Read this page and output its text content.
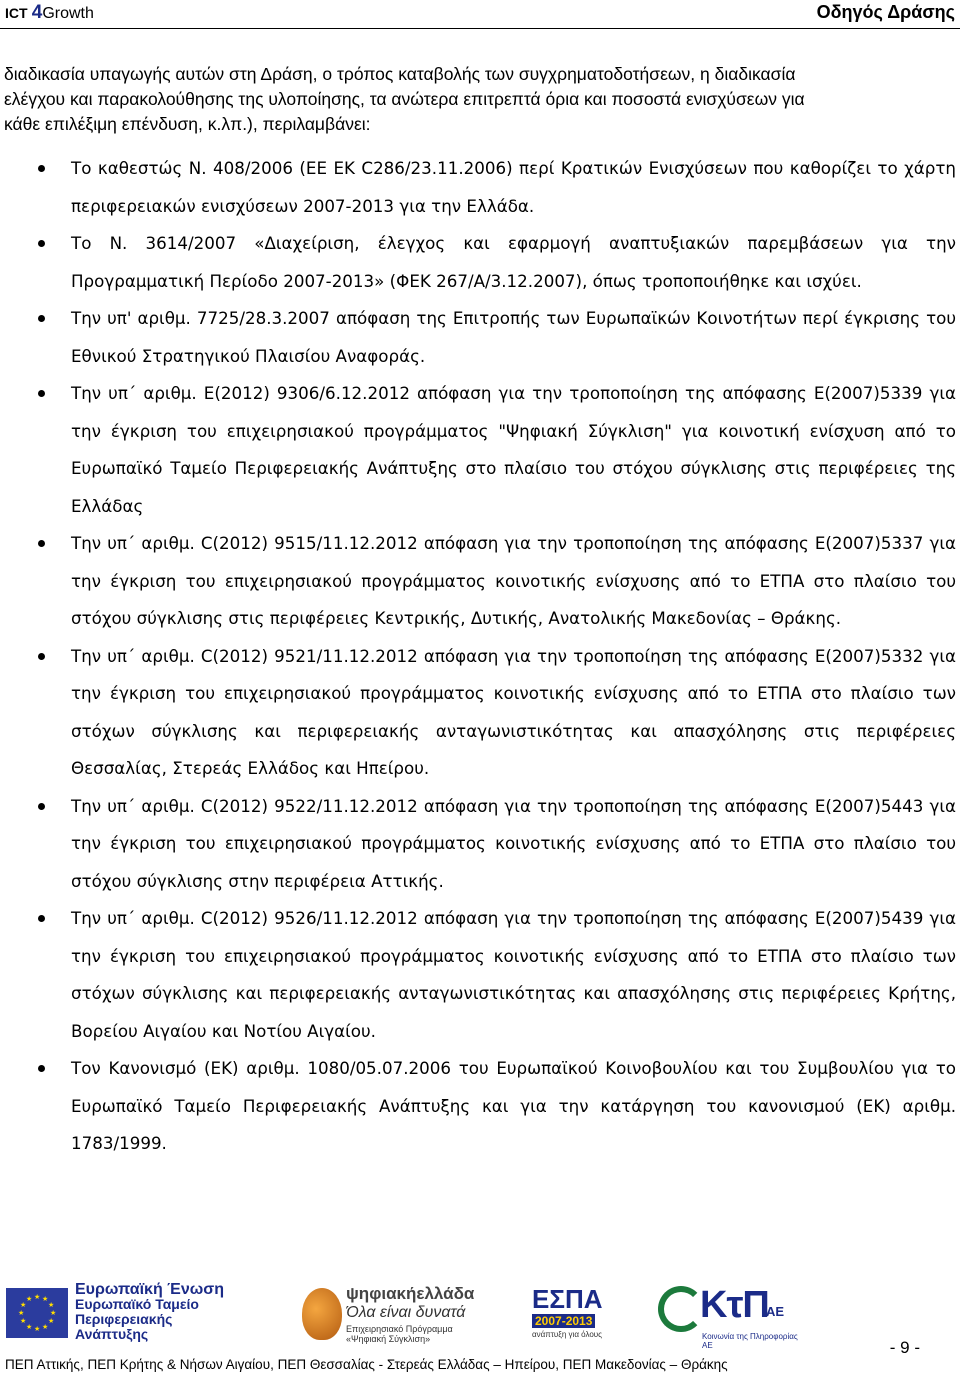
ICT 4Growth	Οδηγός Δράσης

διαδικασία υπαγωγής αυτών στη Δράση, ο τρόπος καταβολής των συγχρηματοδοτήσεων, η διαδικασία

ελέγχου και παρακολούθησης της υλοποίησης, τα ανώτερα επιτρεπτά όρια και ποσοστά ενισχύσεων για

κάθε επιλέξιμη επένδυση, κ.λπ.), περιλαμβάνει:

Το καθεστώς Ν. 408/2006 (ΕΕ ΕΚ C286/23.11.2006) περί Κρατικών Ενισχύσεων που καθορίζει το χάρτη περιφερειακών ενισχύσεων 2007-2013 για την Ελλάδα.
Το Ν. 3614/2007 «Διαχείριση, έλεγχος και εφαρμογή αναπτυξιακών παρεμβάσεων για την Προγραμματική Περίοδο 2007-2013» (ΦΕΚ 267/Α/3.12.2007), όπως τροποποιήθηκε και ισχύει.
Την υπ' αριθμ. 7725/28.3.2007 απόφαση της Επιτροπής των Ευρωπαϊκών Κοινοτήτων περί έγκρισης του Εθνικού Στρατηγικού Πλαισίου Αναφοράς.
Την υπ΄ αριθμ. Ε(2012) 9306/6.12.2012 απόφαση για την τροποποίηση της απόφασης Ε(2007)5339 για την έγκριση του επιχειρησιακού προγράμματος "Ψηφιακή Σύγκλιση" για κοινοτική ενίσχυση από το Ευρωπαϊκό Ταμείο Περιφερειακής Ανάπτυξης στο πλαίσιο του στόχου σύγκλισης στις περιφέρειες της Ελλάδας
Την υπ΄ αριθμ. C(2012) 9515/11.12.2012 απόφαση για την τροποποίηση της απόφασης Ε(2007)5337 για την έγκριση του επιχειρησιακού προγράμματος κοινοτικής ενίσχυσης από το ΕΤΠΑ στο πλαίσιο του στόχου σύγκλισης στις περιφέρειες Κεντρικής, Δυτικής, Ανατολικής Μακεδονίας – Θράκης.
Την υπ΄ αριθμ. C(2012) 9521/11.12.2012 απόφαση για την τροποποίηση της απόφασης Ε(2007)5332 για την έγκριση του επιχειρησιακού προγράμματος κοινοτικής ενίσχυσης από το ΕΤΠΑ στο πλαίσιο των στόχων σύγκλισης και περιφερειακής ανταγωνιστικότητας και απασχόλησης στις περιφέρειες Θεσσαλίας, Στερεάς Ελλάδος και Ηπείρου.
Την υπ΄ αριθμ. C(2012) 9522/11.12.2012 απόφαση για την τροποποίηση της απόφασης Ε(2007)5443 για την έγκριση του επιχειρησιακού προγράμματος κοινοτικής ενίσχυσης από το ΕΤΠΑ στο πλαίσιο του στόχου σύγκλισης στην περιφέρεια Αττικής.
Την υπ΄ αριθμ. C(2012) 9526/11.12.2012 απόφαση για την τροποποίηση της απόφασης Ε(2007)5439 για την έγκριση του επιχειρησιακού προγράμματος κοινοτικής ενίσχυσης από το ΕΤΠΑ στο πλαίσιο των στόχων σύγκλισης και περιφερειακής ανταγωνιστικότητας και απασχόλησης στις περιφέρειες Κρήτης, Βορείου Αιγαίου και Νοτίου Αιγαίου.
Τον Κανονισμό (ΕΚ) αριθμ. 1080/05.07.2006 του Ευρωπαϊκού Κοινοβουλίου και του Συμβουλίου για το Ευρωπαϊκό Ταμείο Περιφερειακής Ανάπτυξης και για την κατάργηση του κανονισμού (ΕΚ) αριθμ. 1783/1999.
★ ★
★
★
★
★
★
★
★
★
★
★
Ευρωπαϊκή Ένωση
Ευρωπαϊκό Ταμείο
Περιφερειακής
Ανάπτυξης
ψηφιακήελλάδα
Όλα είναι δυνατά
Επιχειρησιακό Πρόγραμμα «Ψηφιακή Σύγκλιση»
ΕΣΠΑ
2007-2013
ανάπτυξη για όλους
ΚτΠ
ΑΕ
Κοινωνία της Πληροφορίας ΑΕ	- 9 -
ΠΕΠ Αττικής, ΠΕΠ Κρήτης & Νήσων Αιγαίου, ΠΕΠ Θεσσαλίας - Στερεάς Ελλάδας – Ηπείρου, ΠΕΠ Μακεδονίας – Θράκης
